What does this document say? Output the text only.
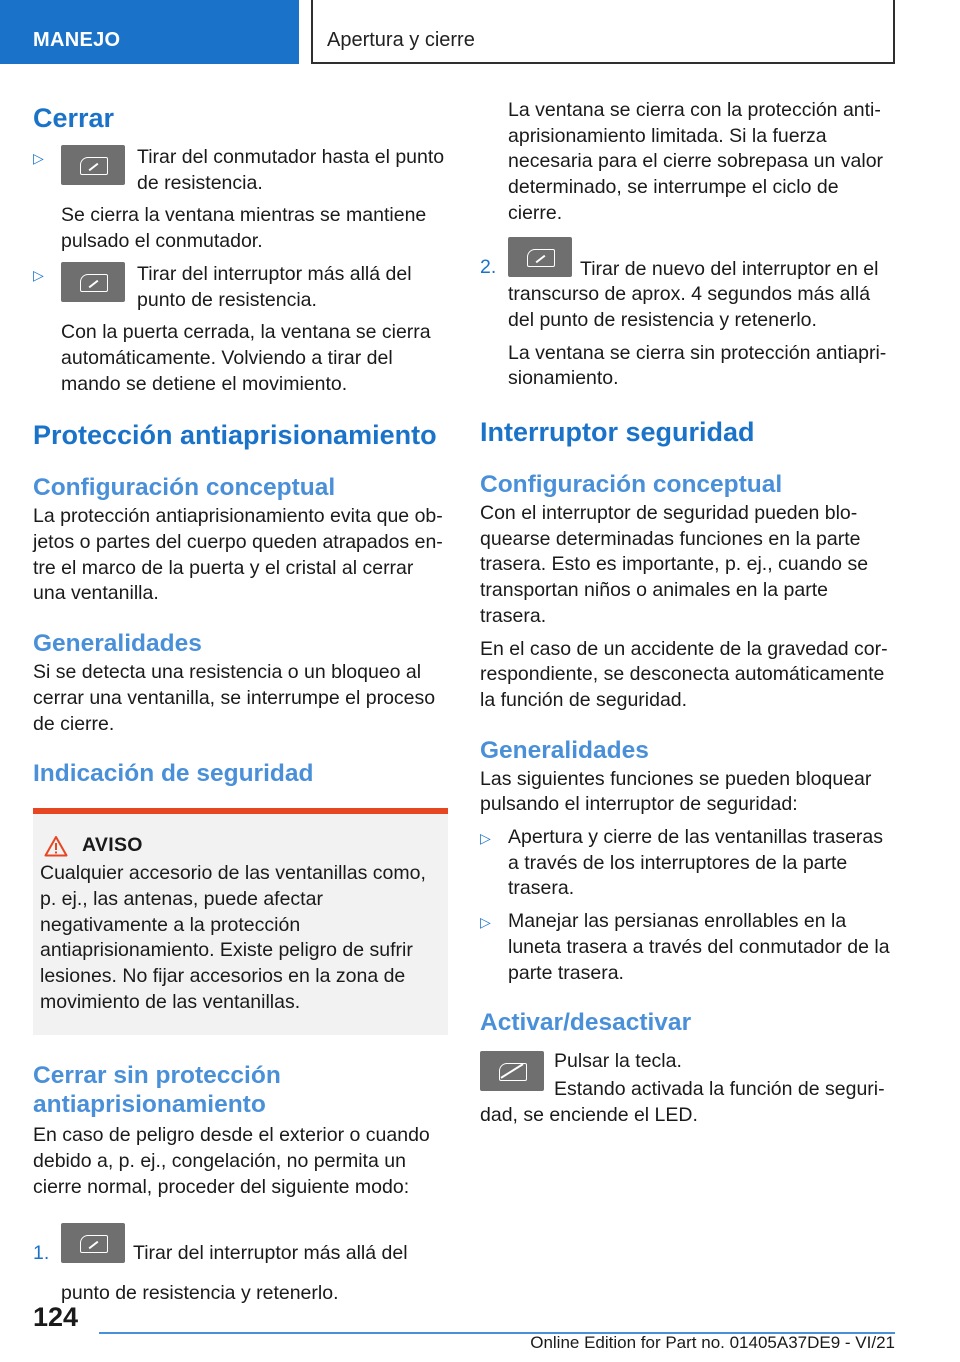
MANEJO	Apertura y cierre
Cerrar
▷	Tirar del conmutador hasta el punto de resistencia.

Se cierra la ventana mientras se mantiene pulsado el conmutador.

▷	Tirar del interruptor más allá del punto de resistencia.

Con la puerta cerrada, la ventana se cierra automáticamente. Volviendo a tirar del mando se detiene el movimiento.

Protección antiaprisionamiento
Configuración conceptual

La protección antiaprisionamiento evita que objetos o partes del cuerpo queden atrapados entre el marco de la puerta y el cristal al cerrar una ventanilla.

Generalidades

Si se detecta una resistencia o un bloqueo al cerrar una ventanilla, se interrumpe el proceso de cierre.

Indicación de seguridad
AVISO

Cualquier accesorio de las ventanillas como, p. ej., las antenas, puede afectar negativamente a la protección antiaprisionamiento. Existe peligro de sufrir lesiones. No fijar accesorios en la zona de movimiento de las ventanillas.

Cerrar sin protección antiaprisionamiento

En caso de peligro desde el exterior o cuando debido a, p. ej., congelación, no permita un cierre normal, proceder del siguiente modo:

1.	Tirar del interruptor más allá del punto de resistencia y retenerlo.

La ventana se cierra con la protección antiaprisionamiento limitada. Si la fuerza necesaria para el cierre sobrepasa un valor determinado, se interrumpe el ciclo de cierre.

2.	Tirar de nuevo del interruptor en el transcurso de aprox. 4 segundos más allá del punto de resistencia y retenerlo.

La ventana se cierra sin protección antiaprisionamiento.

Interruptor seguridad
Configuración conceptual

Con el interruptor de seguridad pueden bloquearse determinadas funciones en la parte trasera. Esto es importante, p. ej., cuando se transportan niños o animales en la parte trasera.

En el caso de un accidente de la gravedad correspondiente, se desconecta automáticamente la función de seguridad.

Generalidades

Las siguientes funciones se pueden bloquear pulsando el interruptor de seguridad:

▷ Apertura y cierre de las ventanillas traseras a través de los interruptores de la parte trasera.

▷ Manejar las persianas enrollables en la luneta trasera a través del conmutador de la parte trasera.

Activar/desactivar

Pulsar la tecla.

Estando activada la función de seguridad, se enciende el LED.

124
Online Edition for Part no. 01405A37DE9 - VI/21
